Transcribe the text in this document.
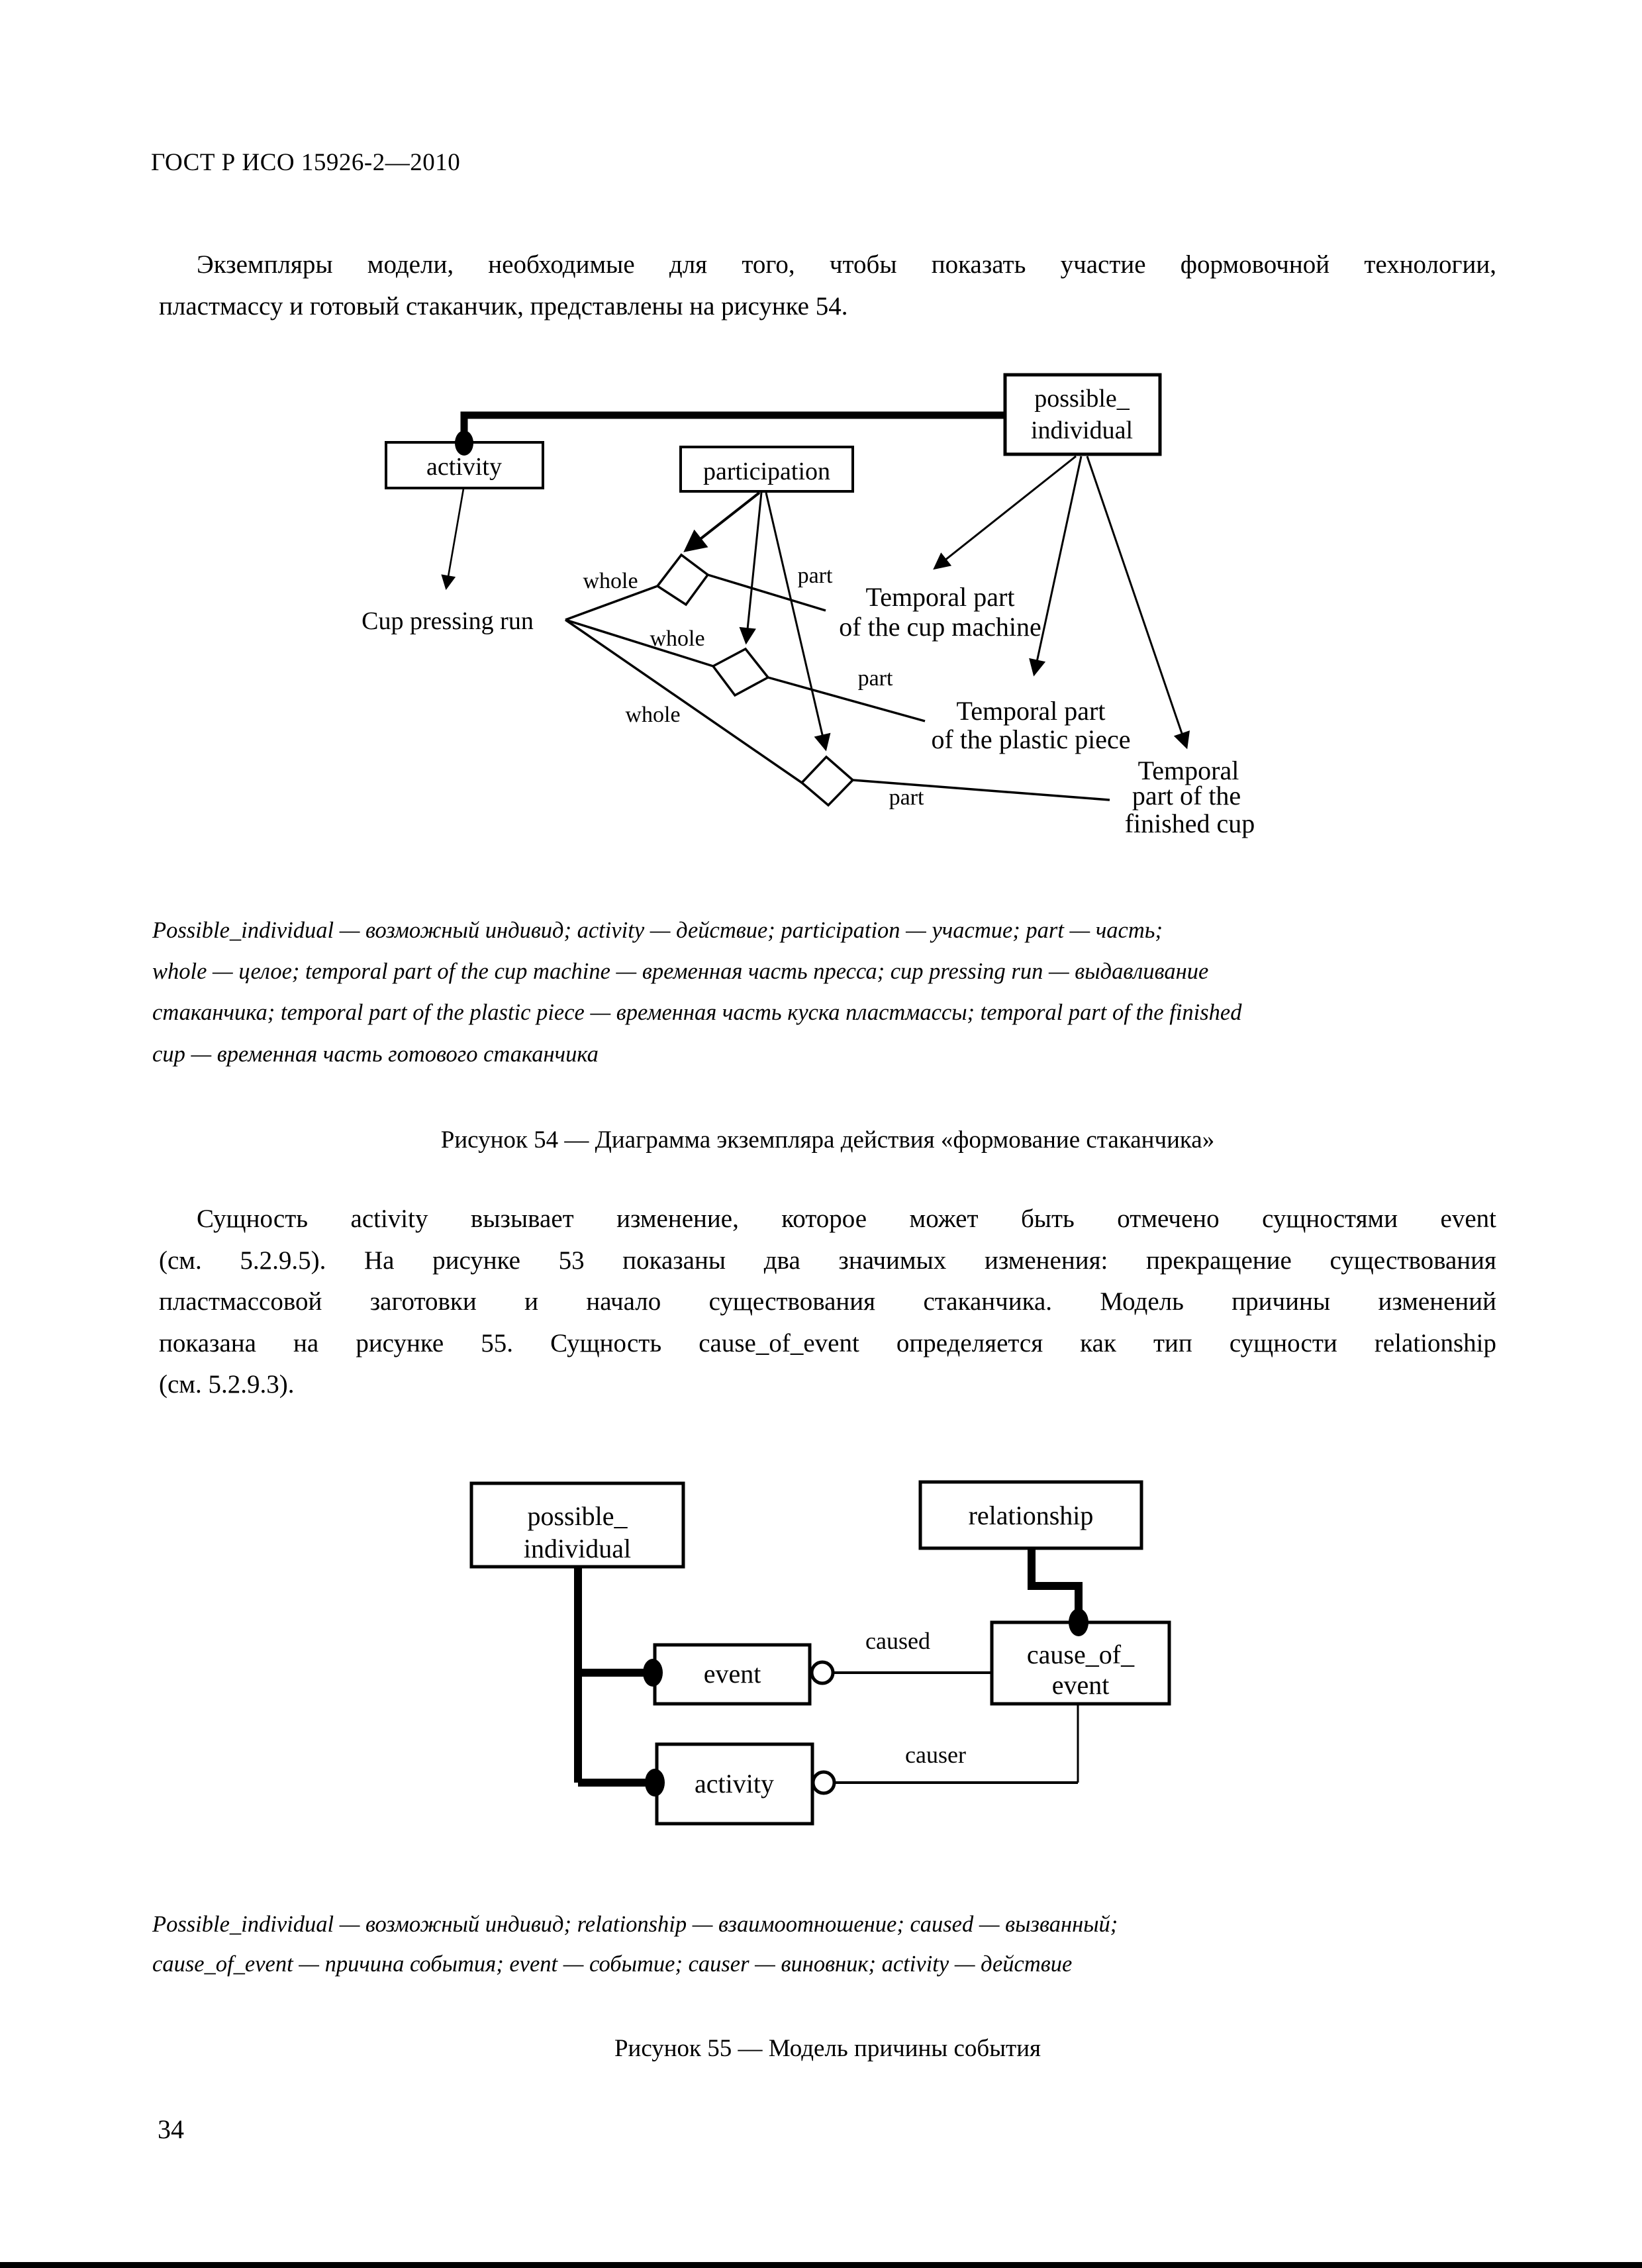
ГОСТ Р ИСО 15926-2—2010
Экземпляры модели, необходимые для того, чтобы показать участие формовочной технологии,
пластмассу и готовый стаканчик, представлены на рисунке 54.
activity	participation
possible_
individual
whole
whole
whole
part
part
part
Cup pressing run
Temporal part
of the cup machine
Temporal part
of the plastic piece
Temporal
part of the
finished cup
Possible_individual — возможный индивид; activity — действие; participation — участие; part — часть;
whole — целое; temporal part of the cup machine — временная часть пресса; cup pressing run — выдавливание
стаканчика; temporal part of the plastic piece — временная часть куска пластмассы; temporal part of the finished
cup — временная часть готового стаканчика
Рисунок 54 — Диаграмма экземпляра действия «формование стаканчика»
Сущность activity вызывает изменение, которое может быть отмечено сущностями event
(см. 5.2.9.5). На рисунке 53 показаны два значимых изменения: прекращение существования
пластмассовой заготовки и начало существования стаканчика. Модель причины изменений
показана на рисунке 55. Сущность cause_of_event определяется как тип сущности relationship
(см. 5.2.9.3).
possible_
individual
relationship
event
cause_of_
event
activity
caused
causer
Possible_individual — возможный индивид; relationship — взаимоотношение; caused — вызванный;
cause_of_event — причина события; event — событие; causer — виновник; activity — действие
Рисунок 55 — Модель причины события
34
